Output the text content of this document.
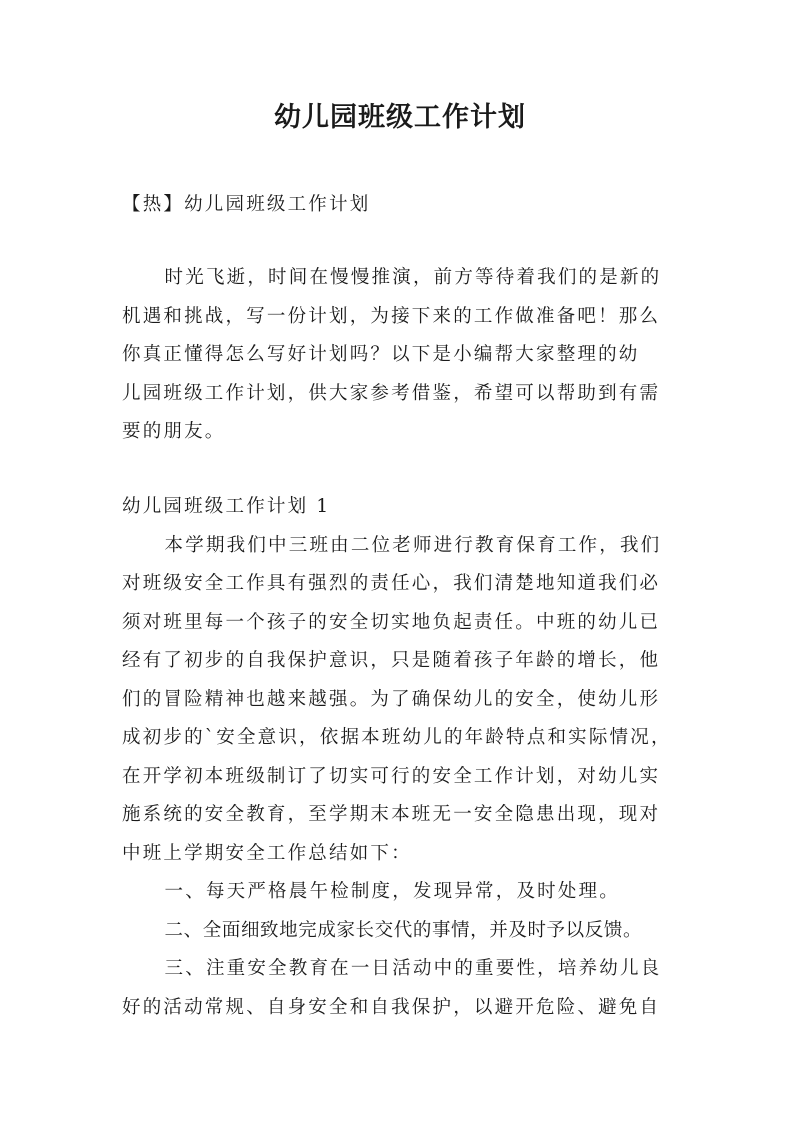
幼儿园班级工作计划
【热】幼儿园班级工作计划
时光飞逝，时间在慢慢推演，前方等待着我们的是新的
机遇和挑战，写一份计划，为接下来的工作做准备吧！那么
你真正懂得怎么写好计划吗？以下是小编帮大家整理的幼
儿园班级工作计划，供大家参考借鉴，希望可以帮助到有需
要的朋友。
幼儿园班级工作计划 1
本学期我们中三班由二位老师进行教育保育工作，我们
对班级安全工作具有强烈的责任心，我们清楚地知道我们必
须对班里每一个孩子的安全切实地负起责任。中班的幼儿已
经有了初步的自我保护意识，只是随着孩子年龄的增长，他
们的冒险精神也越来越强。为了确保幼儿的安全，使幼儿形
成初步的`安全意识，依据本班幼儿的年龄特点和实际情况，
在开学初本班级制订了切实可行的安全工作计划，对幼儿实
施系统的安全教育，至学期末本班无一安全隐患出现，现对
中班上学期安全工作总结如下：
一、每天严格晨午检制度，发现异常，及时处理。
二、全面细致地完成家长交代的事情，并及时予以反馈。
三、注重安全教育在一日活动中的重要性，培养幼儿良
好的活动常规、自身安全和自我保护，以避开危险、避免自
